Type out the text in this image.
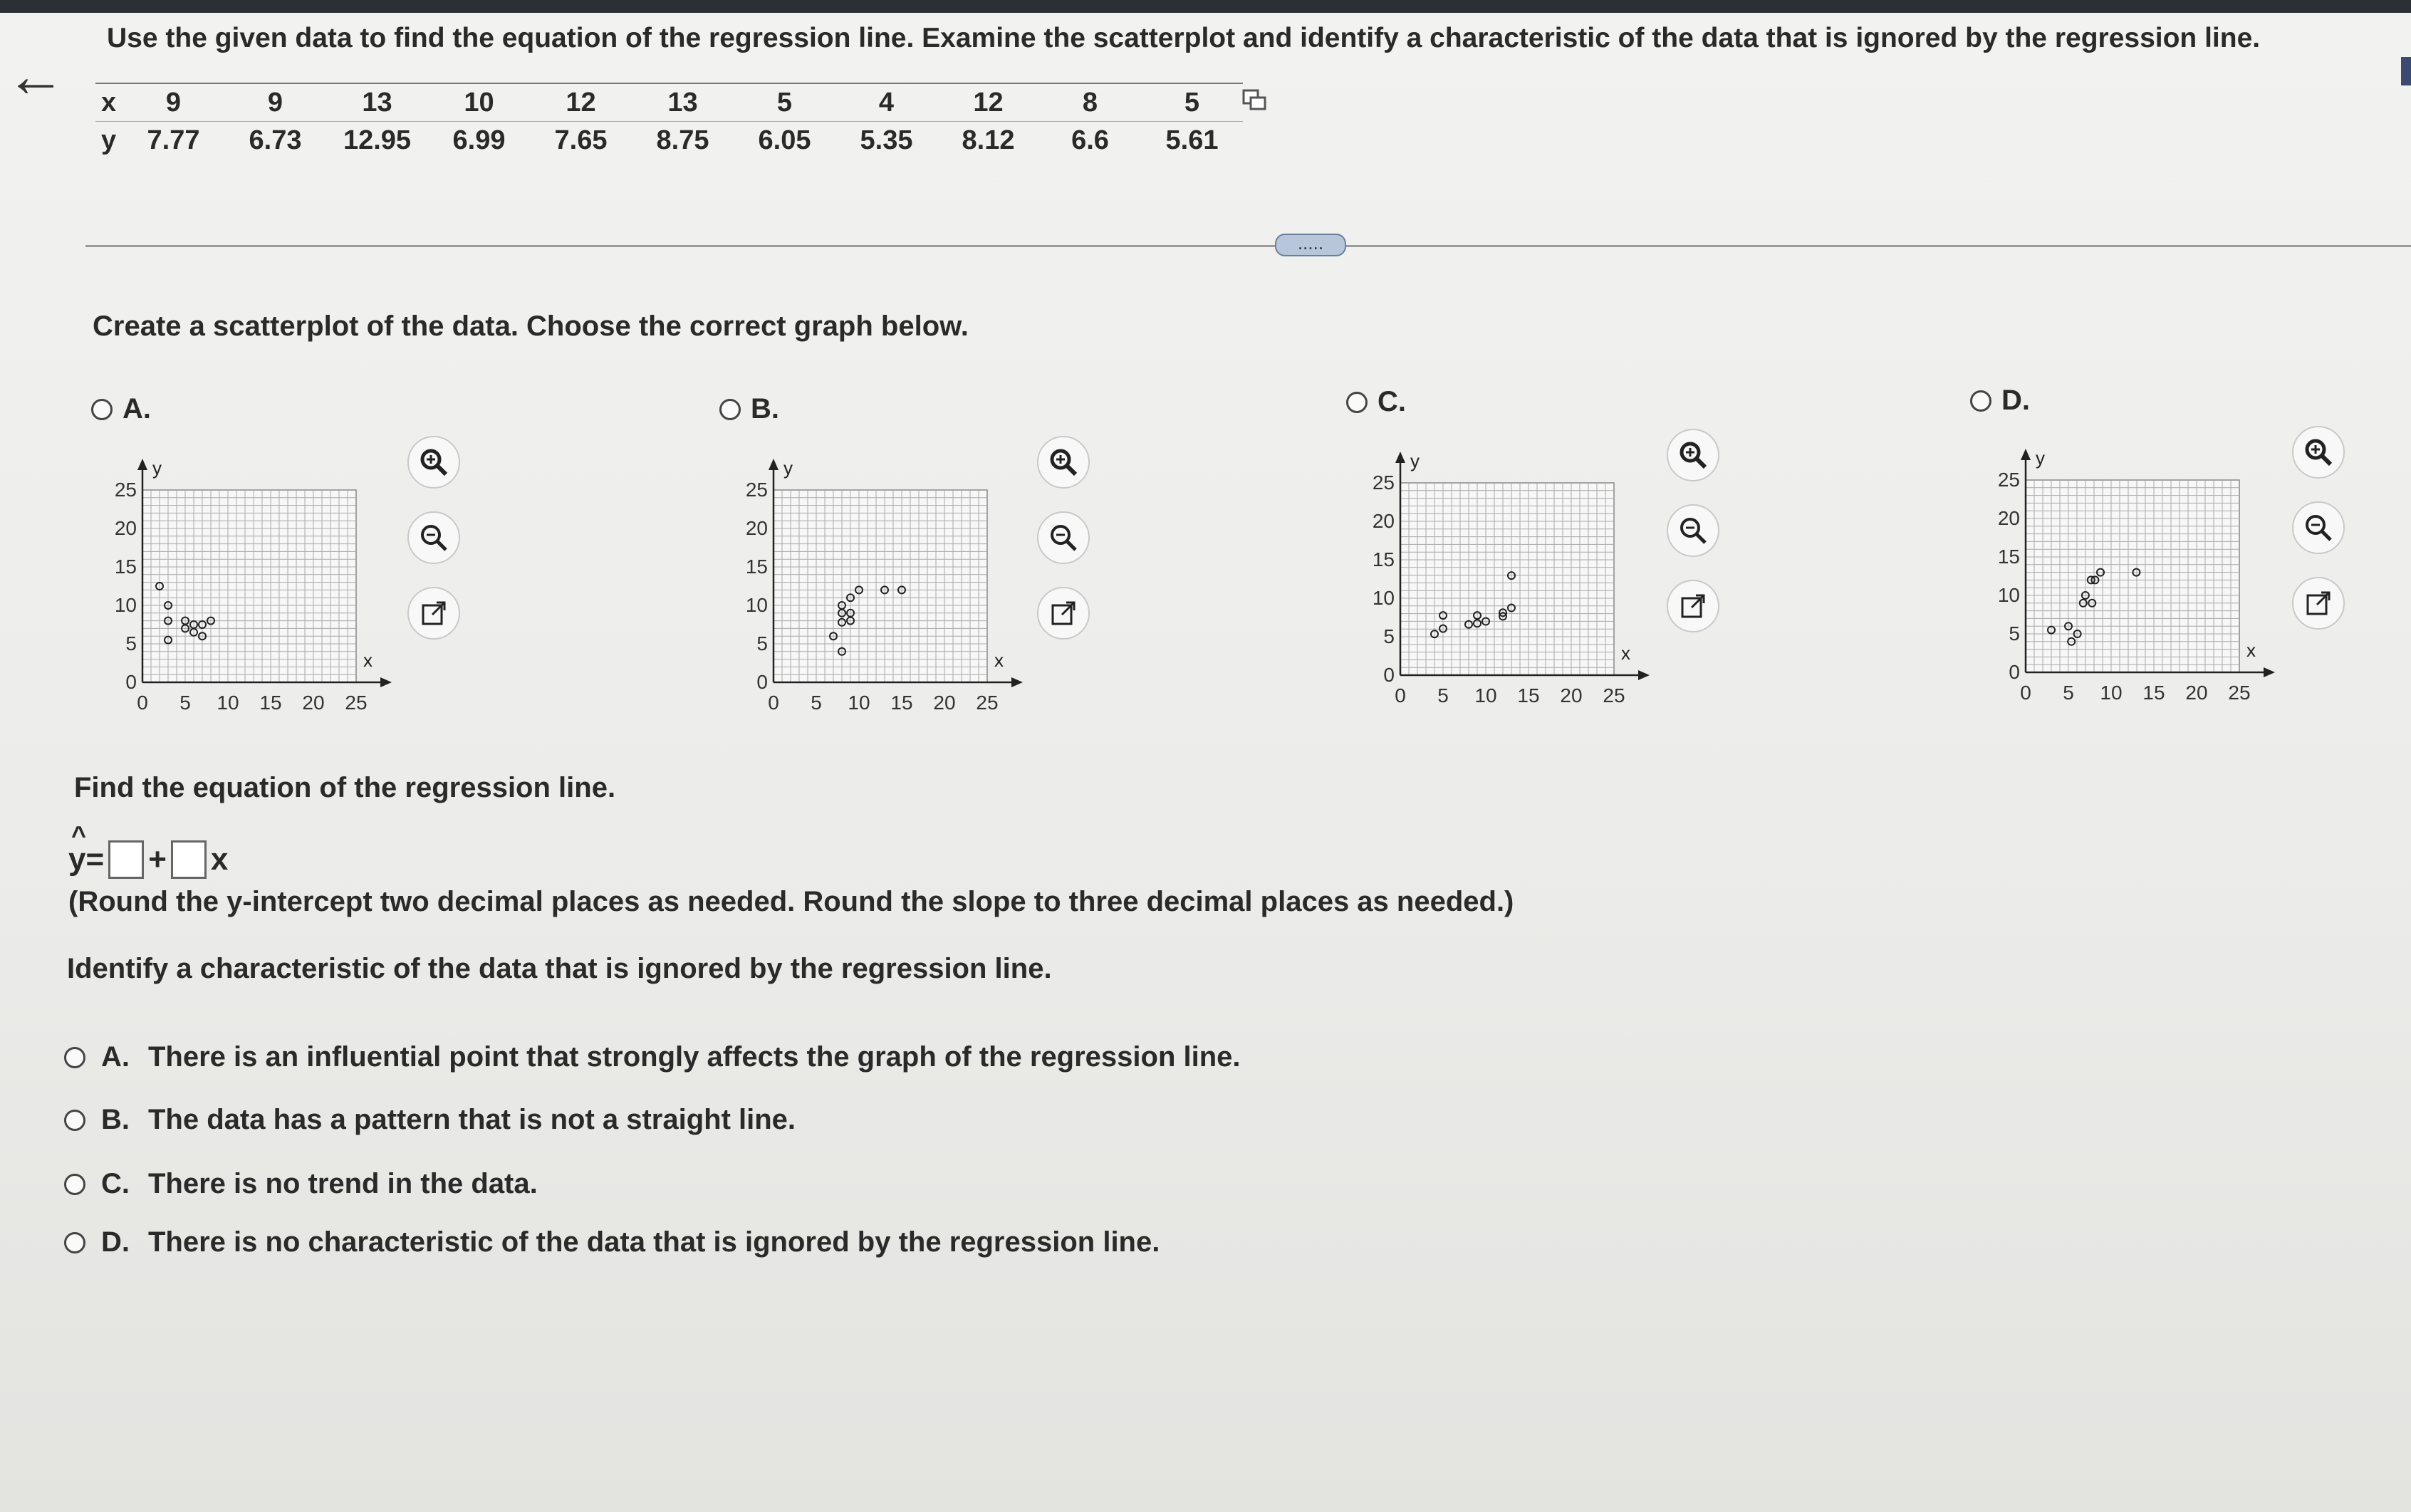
←
Use the given data to find the equation of the regression line. Examine the scatterplot and identify a characteristic of the data that is ignored by the regression line.
x	9	9	13	10	12	13	5	4	12	8	5
y	7.77	6.73	12.95	6.99	7.65	8.75	6.05	5.35	8.12	6.6	5.61
.....
Create a scatterplot of the data. Choose the correct graph below.
A.	B.	C.	D.
y
x
25
20
15
10
5
0
0 5 10 15 20 25
y
x
25
20
15
10
5
0
0 5 10 15 20 25
y
x
25
20
15
10
5
0
0 5 10 15 20 25
y
x
25
20
15
10
5
0
0 5 10 15 20 25
Find the equation of the regression line.
^ y = + x
(Round the y-intercept two decimal places as needed. Round the slope to three decimal places as needed.)
Identify a characteristic of the data that is ignored by the regression line.
A. There is an influential point that strongly affects the graph of the regression line.
B. The data has a pattern that is not a straight line.
C. There is no trend in the data.
D. There is no characteristic of the data that is ignored by the regression line.
